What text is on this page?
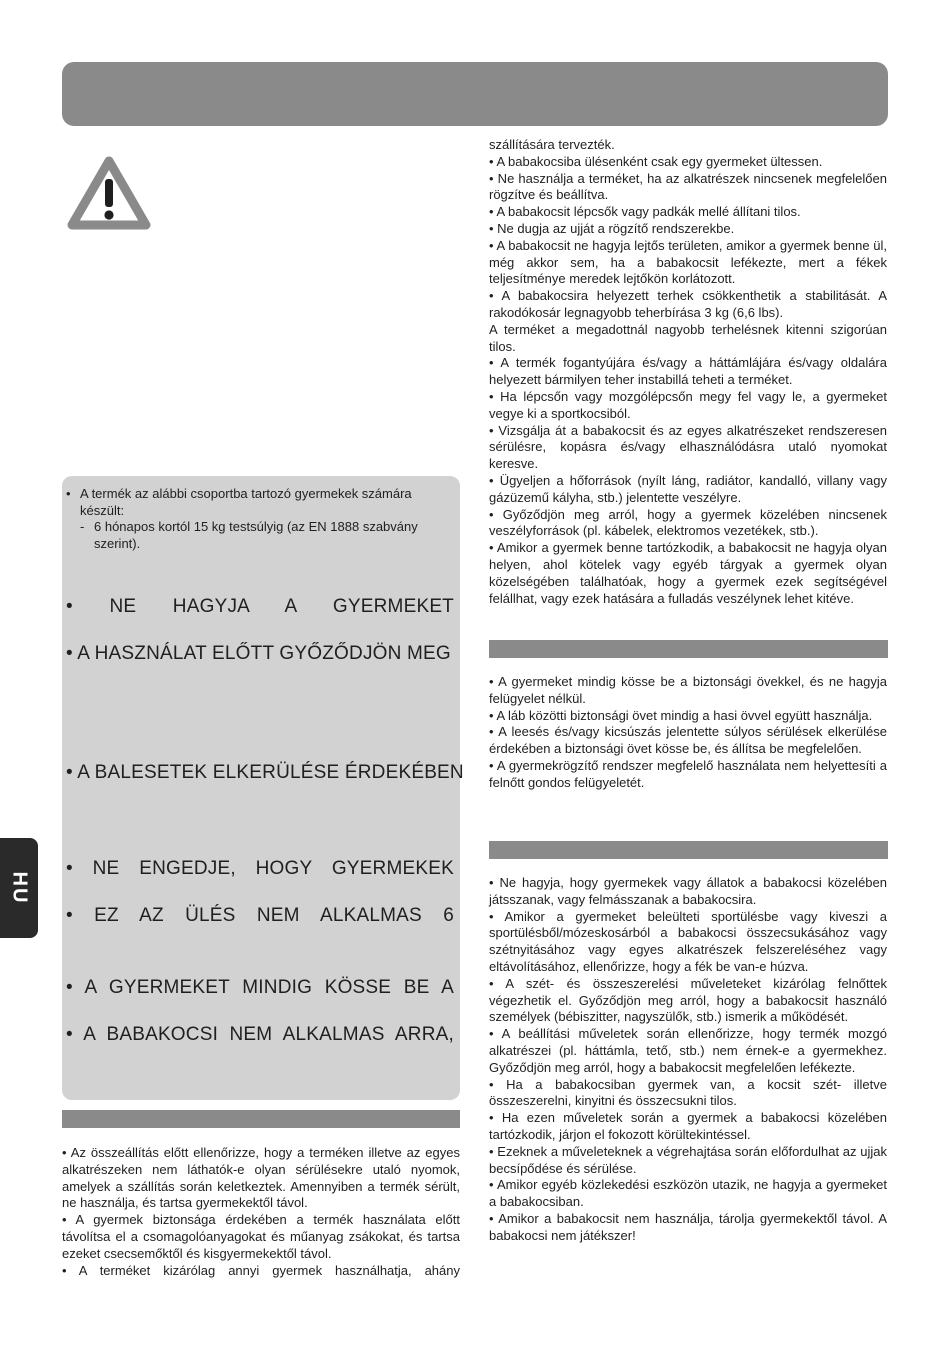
HU
• A termék az alábbi csoportba tartozó gyermekek számára készült:
- 6 hónapos kortól 15 kg testsúlyig (az EN 1888 szabvány szerint).
• NE HAGYJA A GYERMEKET
• A HASZNÁLAT ELŐTT GYŐZŐDJÖN MEG
• A BALESETEK ELKERÜLÉSE ÉRDEKÉBEN
• NE ENGEDJE, HOGY GYERMEKEK
• EZ AZ ÜLÉS NEM ALKALMAS 6
• A GYERMEKET MINDIG KÖSSE BE A
• A BABAKOCSI NEM ALKALMAS ARRA,

• Az összeállítás előtt ellenőrizze, hogy a terméken illetve az egyes alkatrészeken nem láthatók-e olyan sérülésekre utaló nyomok, amelyek a szállítás során keletkeztek. Amennyiben a termék sérült, ne használja, és tartsa gyermekektől távol.

• A gyermek biztonsága érdekében a termék használata előtt távolítsa el a csomagolóanyagokat és műanyag zsákokat, és tartsa ezeket csecsemőktől és kisgyermekektől távol.

• A terméket kizárólag annyi gyermek használhatja, ahány

szállítására tervezték.

• A babakocsiba ülésenként csak egy gyermeket ültessen.

• Ne használja a terméket, ha az alkatrészek nincsenek megfelelően rögzítve és beállítva.

• A babakocsit lépcsők vagy padkák mellé állítani tilos.

• Ne dugja az ujját a rögzítő rendszerekbe.

• A babakocsit ne hagyja lejtős területen, amikor a gyermek benne ül, még akkor sem, ha a babakocsit lefékezte, mert a fékek teljesítménye meredek lejtőkön korlátozott.

• A babakocsira helyezett terhek csökkenthetik a stabilitását. A rakodókosár legnagyobb teherbírása 3 kg (6,6 lbs).

A terméket a megadottnál nagyobb terhelésnek kitenni szigorúan tilos.

• A termék fogantyújára és/vagy a háttámlájára és/vagy oldalára helyezett bármilyen teher instabillá teheti a terméket.

• Ha lépcsőn vagy mozgólépcsőn megy fel vagy le, a gyermeket vegye ki a sportkocsiból.

• Vizsgálja át a babakocsit és az egyes alkatrészeket rendszeresen sérülésre, kopásra és/vagy elhasználódásra utaló nyomokat keresve.

• Ügyeljen a hőforrások (nyílt láng, radiátor, kandalló, villany vagy gázüzemű kályha, stb.) jelentette veszélyre.

• Győződjön meg arról, hogy a gyermek közelében nincsenek veszélyforrások (pl. kábelek, elektromos vezetékek, stb.).

• Amikor a gyermek benne tartózkodik, a babakocsit ne hagyja olyan helyen, ahol kötelek vagy egyéb tárgyak a gyermek olyan közelségében találhatóak, hogy a gyermek ezek segítségével felállhat, vagy ezek hatására a fulladás veszélynek lehet kitéve.

• A gyermeket mindig kösse be a biztonsági övekkel, és ne hagyja felügyelet nélkül.

• A láb közötti biztonsági övet mindig a hasi övvel együtt használja.

• A leesés és/vagy kicsúszás jelentette súlyos sérülések elkerülése érdekében a biztonsági övet kösse be, és állítsa be megfelelően.

• A gyermekrögzítő rendszer megfelelő használata nem helyettesíti a felnőtt gondos felügyeletét.

• Ne hagyja, hogy gyermekek vagy állatok a babakocsi közelében játsszanak, vagy felmásszanak a babakocsira.

• Amikor a gyermeket beleülteti sportülésbe vagy kiveszi a sportülésből/mózeskosárból a babakocsi összecsukásához vagy szétnyitásához vagy egyes alkatrészek felszereléséhez vagy eltávolításához, ellenőrizze, hogy a fék be van-e húzva.

• A szét- és összeszerelési műveleteket kizárólag felnőttek végezhetik el. Győződjön meg arról, hogy a babakocsit használó személyek (bébiszitter, nagyszülők, stb.) ismerik a működését.

• A beállítási műveletek során ellenőrizze, hogy termék mozgó alkatrészei (pl. háttámla, tető, stb.) nem érnek-e a gyermekhez. Győződjön meg arról, hogy a babakocsit megfelelően lefékezte.

• Ha a babakocsiban gyermek van, a kocsit szét- illetve összeszerelni, kinyitni és összecsukni tilos.

• Ha ezen műveletek során a gyermek a babakocsi közelében tartózkodik, járjon el fokozott körültekintéssel.

• Ezeknek a műveleteknek a végrehajtása során előfordulhat az ujjak becsípődése és sérülése.

• Amikor egyéb közlekedési eszközön utazik, ne hagyja a gyermeket a babakocsiban.

• Amikor a babakocsit nem használja, tárolja gyermekektől távol. A babakocsi nem játékszer!
